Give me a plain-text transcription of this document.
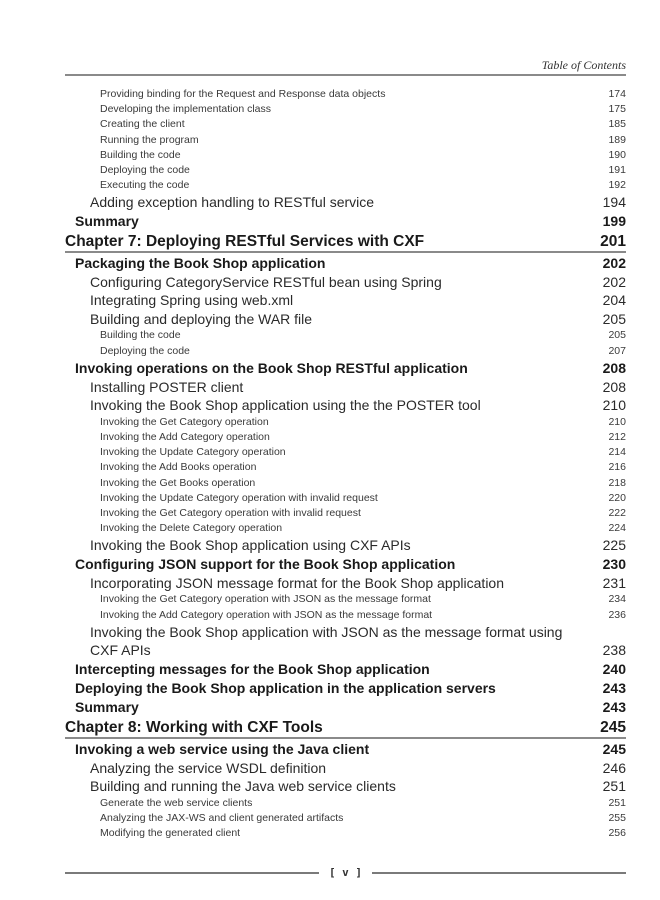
Table of Contents
Providing binding for the Request and Response data objects	174
Developing the implementation class	175
Creating the client	185
Running the program	189
Building the code	190
Deploying the code	191
Executing the code	192
Adding exception handling to RESTful service	194
Summary	199
Chapter 7: Deploying RESTful Services with CXF	201
Packaging the Book Shop application	202
Configuring CategoryService RESTful bean using Spring	202
Integrating Spring using web.xml	204
Building and deploying the WAR file	205
Building the code	205
Deploying the code	207
Invoking operations on the Book Shop RESTful application	208
Installing POSTER client	208
Invoking the Book Shop application using the the POSTER tool	210
Invoking the Get Category operation	210
Invoking the Add Category operation	212
Invoking the Update Category operation	214
Invoking the Add Books operation	216
Invoking the Get Books operation	218
Invoking the Update Category operation with invalid request	220
Invoking the Get Category operation with invalid request	222
Invoking the Delete Category operation	224
Invoking the Book Shop application using CXF APIs	225
Configuring JSON support for the Book Shop application	230
Incorporating JSON message format for the Book Shop application	231
Invoking the Get Category operation with JSON as the message format	234
Invoking the Add Category operation with JSON as the message format	236
Invoking the Book Shop application with JSON as the message format using
CXF APIs	238
Intercepting messages for the Book Shop application	240
Deploying the Book Shop application in the application servers	243
Summary	243
Chapter 8: Working with CXF Tools	245
Invoking a web service using the Java client	245
Analyzing the service WSDL definition	246
Building and running the Java web service clients	251
Generate the web service clients	251
Analyzing the JAX-WS and client generated artifacts	255
Modifying the generated client	256
[ v ]
